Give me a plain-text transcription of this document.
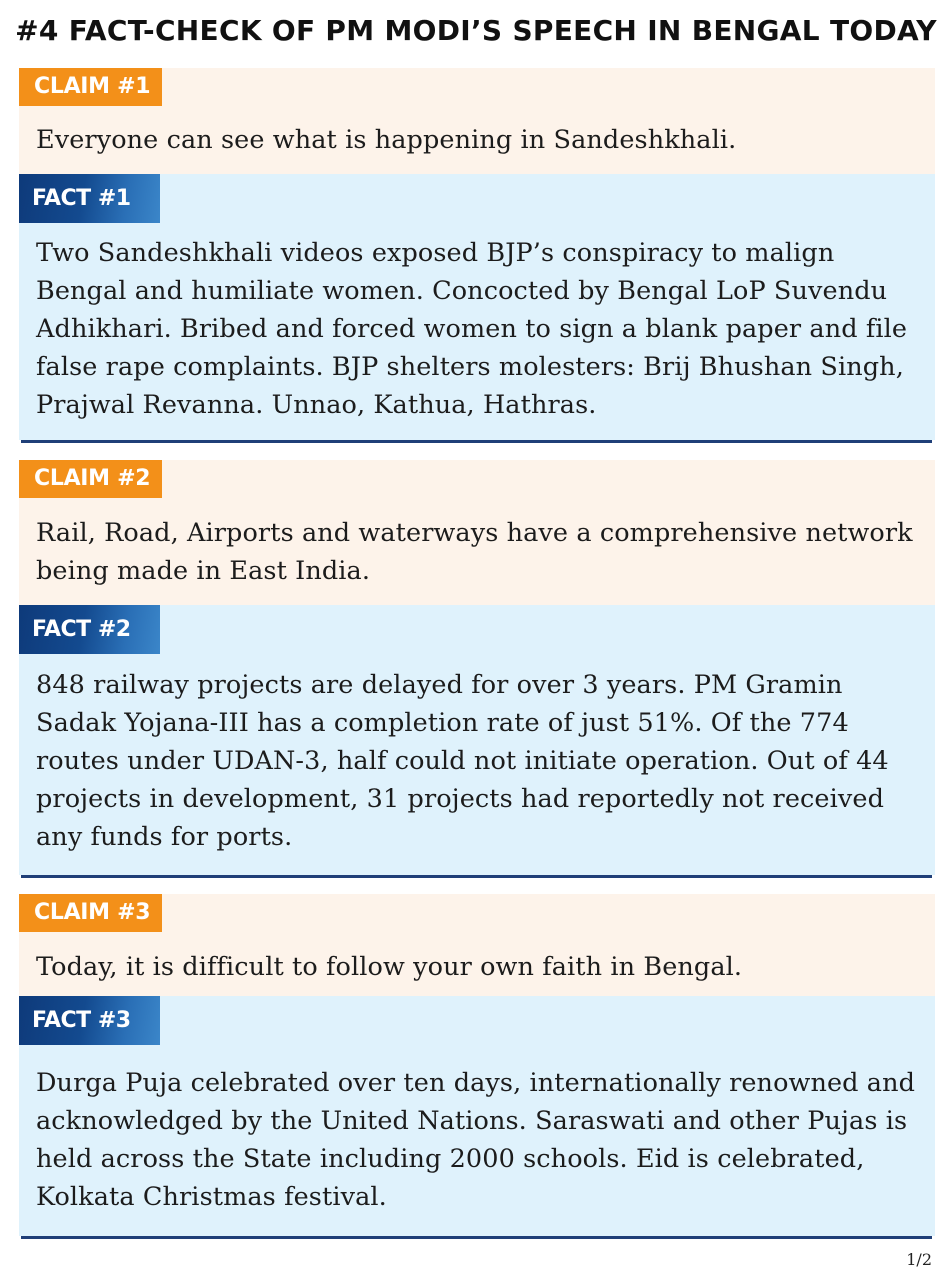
#4 FACT-CHECK OF PM MODI’S SPEECH IN BENGAL TODAY
CLAIM #1
Everyone can see what is happening in Sandeshkhali.
FACT #1
Two Sandeshkhali videos exposed BJP’s conspiracy to malign Bengal and humiliate women. Concocted by Bengal LoP Suvendu Adhikhari. Bribed and forced women to sign a blank paper and file false rape complaints. BJP shelters molesters: Brij Bhushan Singh, Prajwal Revanna. Unnao, Kathua, Hathras.
CLAIM #2
Rail, Road, Airports and waterways have a comprehensive network being made in East India.
FACT #2
848 railway projects are delayed for over 3 years. PM Gramin Sadak Yojana-III has a completion rate of just 51%. Of the 774 routes under UDAN-3, half could not initiate operation. Out of 44 projects in development, 31 projects had reportedly not received any funds for ports.
CLAIM #3
Today, it is difficult to follow your own faith in Bengal.
FACT #3
Durga Puja celebrated over ten days, internationally renowned and acknowledged by the United Nations. Saraswati and other Pujas is held across the State including 2000 schools. Eid is celebrated, Kolkata Christmas festival.
1/2
